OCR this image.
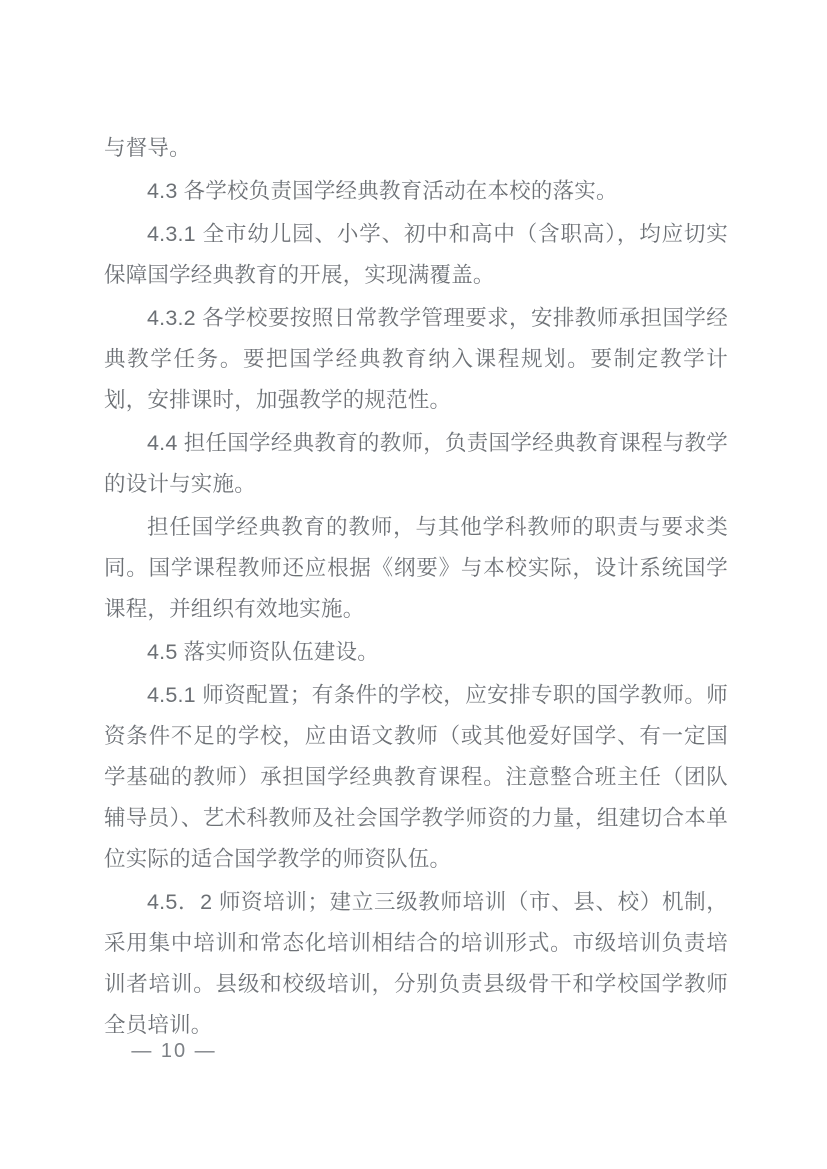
与督导。

4.3 各学校负责国学经典教育活动在本校的落实。

4.3.1 全市幼儿园、小学、初中和高中（含职高），均应切实保障国学经典教育的开展，实现满覆盖。

4.3.2 各学校要按照日常教学管理要求，安排教师承担国学经典教学任务。要把国学经典教育纳入课程规划。要制定教学计划，安排课时，加强教学的规范性。

4.4 担任国学经典教育的教师，负责国学经典教育课程与教学的设计与实施。

担任国学经典教育的教师，与其他学科教师的职责与要求类同。国学课程教师还应根据《纲要》与本校实际，设计系统国学课程，并组织有效地实施。

4.5 落实师资队伍建设。

4.5.1 师资配置；有条件的学校，应安排专职的国学教师。师资条件不足的学校，应由语文教师（或其他爱好国学、有一定国学基础的教师）承担国学经典教育课程。注意整合班主任（团队辅导员）、艺术科教师及社会国学教学师资的力量，组建切合本单位实际的适合国学教学的师资队伍。

4.5．2 师资培训；建立三级教师培训（市、县、校）机制，采用集中培训和常态化培训相结合的培训形式。市级培训负责培训者培训。县级和校级培训，分别负责县级骨干和学校国学教师全员培训。

— 10 —
